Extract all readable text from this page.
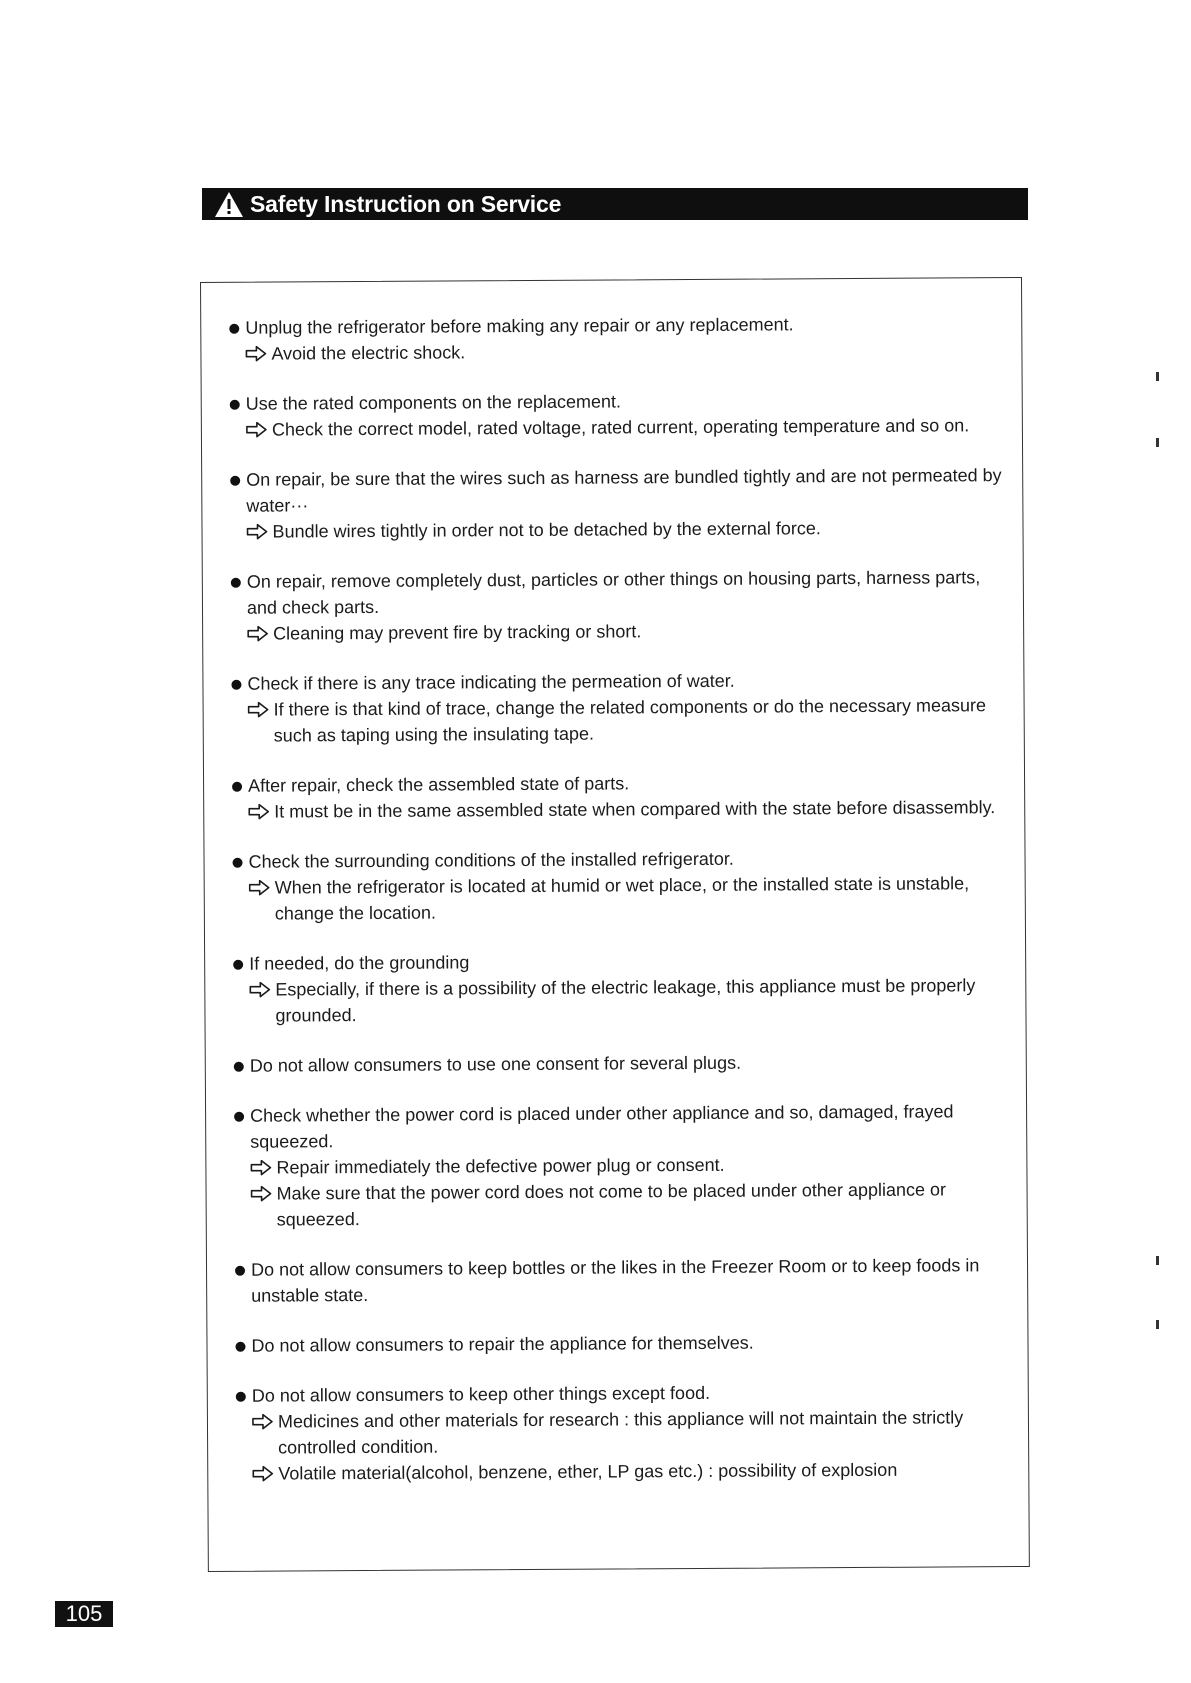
Safety Instruction on Service
Unplug the refrigerator before making any repair or any replacement.
Avoid the electric shock.
Use the rated components on the replacement.
Check the correct model, rated voltage, rated current, operating temperature and so on.
On repair, be sure that the wires such as harness are bundled tightly and are not permeated by water···
Bundle wires tightly in order not to be detached by the external force.
On repair, remove completely dust, particles or other things on housing parts, harness parts, and check parts.
Cleaning may prevent fire by tracking or short.
Check if there is any trace indicating the permeation of water.
If there is that kind of trace, change the related components or do the necessary measure such as taping using the insulating tape.
After repair, check the assembled state of parts.
It must be in the same assembled state when compared with the state before disassembly.
Check the surrounding conditions of the installed refrigerator.
When the refrigerator is located at humid or wet place, or the installed state is unstable, change the location.
If needed, do the grounding
Especially, if there is a possibility of the electric leakage, this appliance must be properly grounded.
Do not allow consumers to use one consent for several plugs.
Check whether the power cord is placed under other appliance and so, damaged, frayed squeezed.
Repair immediately the defective power plug or consent.
Make sure that the power cord does not come to be placed under other appliance or squeezed.
Do not allow consumers to keep bottles or the likes in the Freezer Room or to keep foods in unstable state.
Do not allow consumers to repair the appliance for themselves.
Do not allow consumers to keep other things except food.
Medicines and other materials for research : this appliance will not maintain the strictly controlled condition.
Volatile material(alcohol, benzene, ether, LP gas etc.) : possibility of explosion
105
